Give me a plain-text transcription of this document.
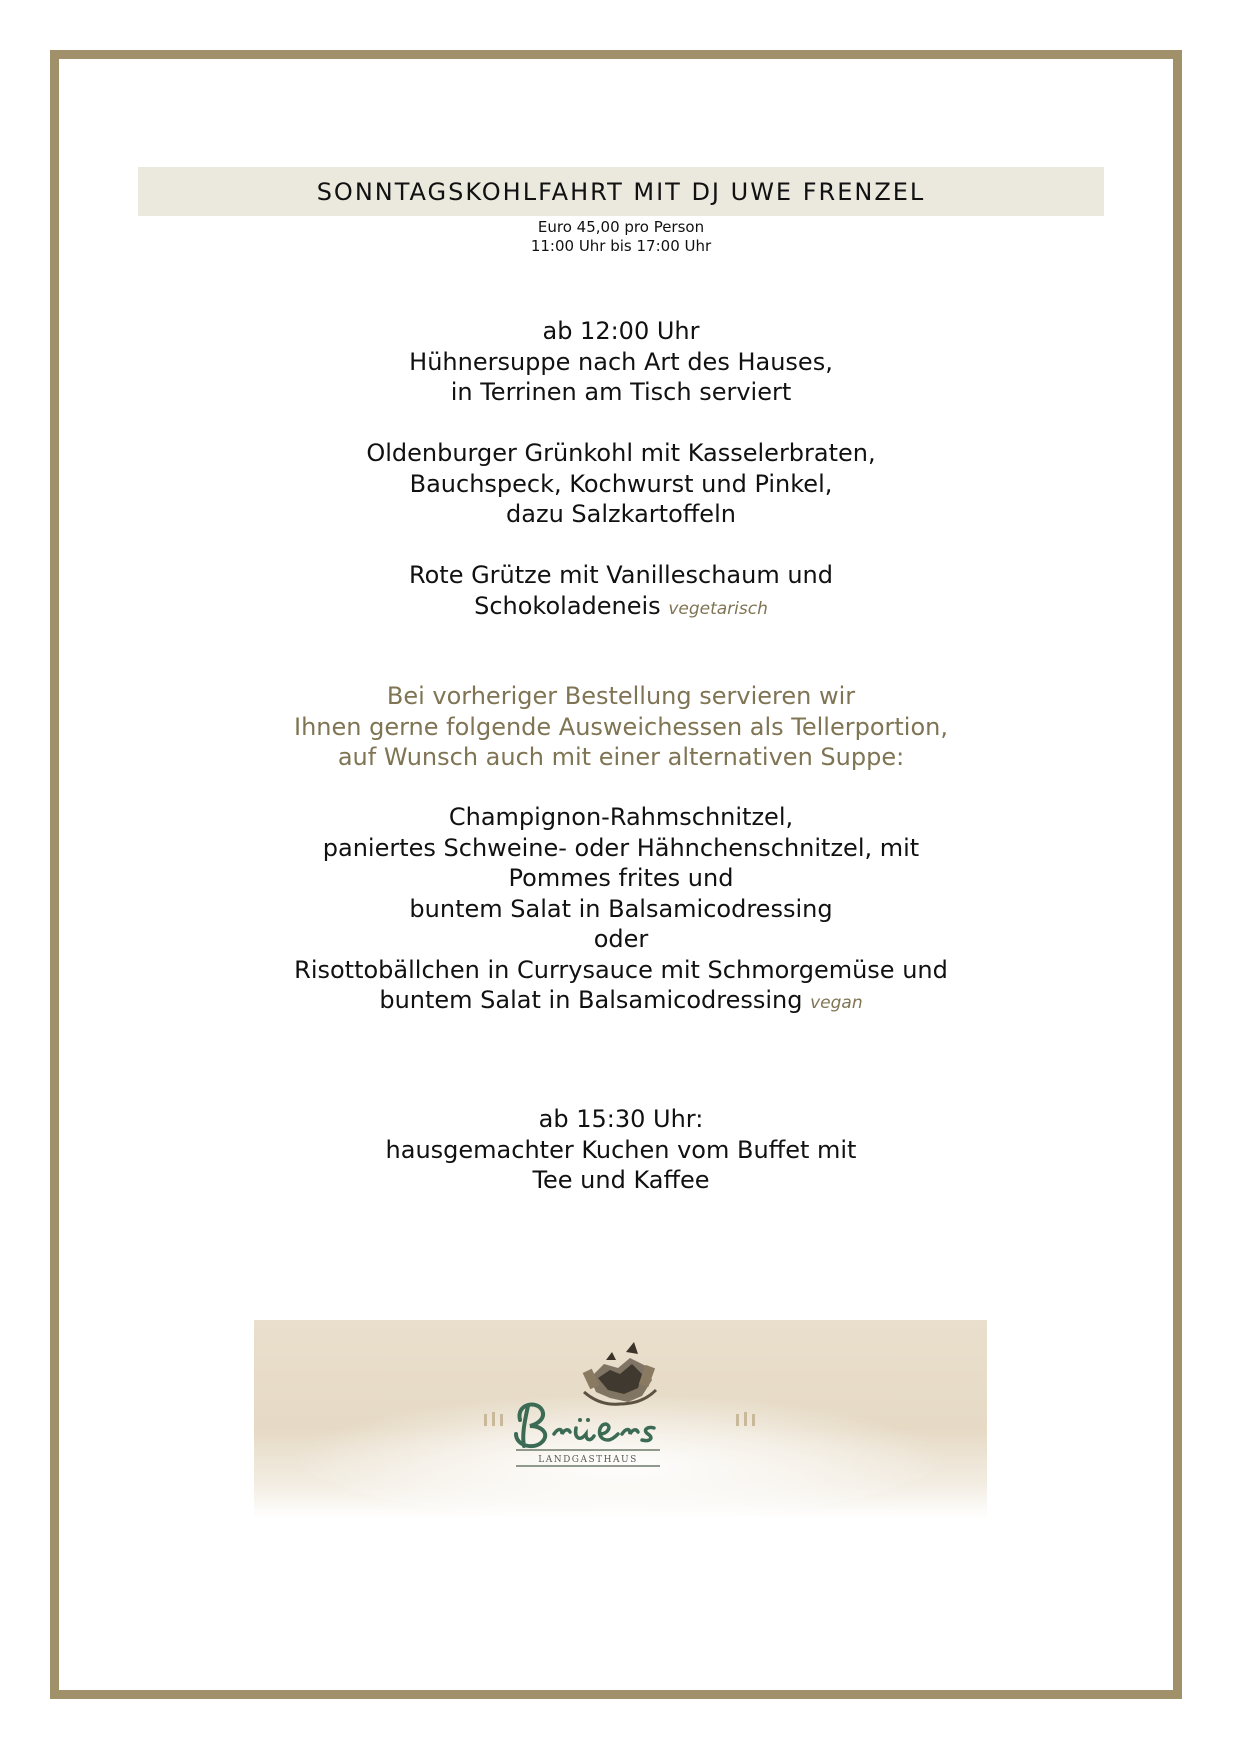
SONNTAGSKOHLFAHRT MIT DJ UWE FRENZEL
Euro 45,00 pro Person
11:00 Uhr bis 17:00 Uhr
ab 12:00 Uhr
Hühnersuppe nach Art des Hauses,
in Terrinen am Tisch serviert
Oldenburger Grünkohl mit Kasselerbraten,
Bauchspeck, Kochwurst und Pinkel,
dazu Salzkartoffeln
Rote Grütze mit Vanilleschaum und
Schokoladeneis vegetarisch
Bei vorheriger Bestellung servieren wir
Ihnen gerne folgende Ausweichessen als Tellerportion,
auf Wunsch auch mit einer alternativen Suppe:
Champignon-Rahmschnitzel,
paniertes Schweine- oder Hähnchenschnitzel, mit
Pommes frites und
buntem Salat in Balsamicodressing
oder
Risottobällchen in Currysauce mit Schmorgemüse und
buntem Salat in Balsamicodressing vegan
ab 15:30 Uhr:
hausgemachter Kuchen vom Buffet mit
Tee und Kaffee
LANDGASTHAUS
